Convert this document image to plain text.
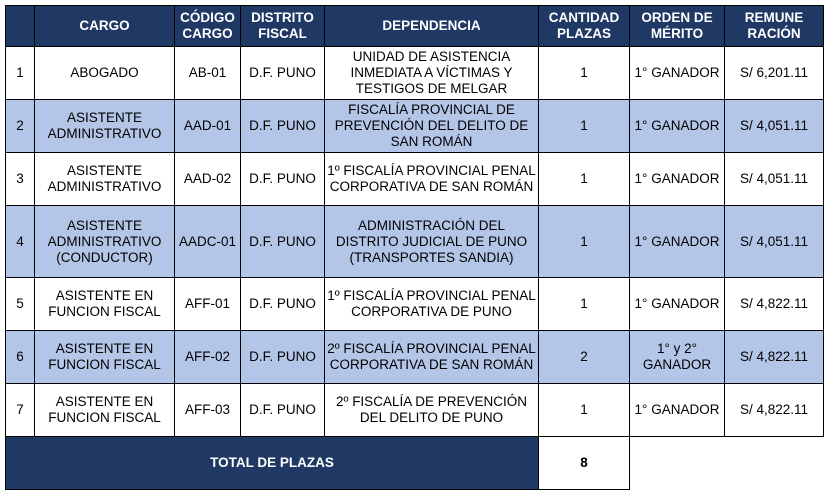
	CARGO	CÓDIGO CARGO	DISTRITO FISCAL	DEPENDENCIA	CANTIDAD PLAZAS	ORDEN DE MÉRITO	REMUNE RACIÓN
1	ABOGADO	AB-01	D.F. PUNO	UNIDAD DE ASISTENCIA INMEDIATA A VÍCTIMAS Y TESTIGOS DE MELGAR	1	1° GANADOR	S/ 6,201.11
2	ASISTENTE ADMINISTRATIVO	AAD-01	D.F. PUNO	FISCALÍA PROVINCIAL DE PREVENCIÓN DEL DELITO DE SAN ROMÁN	1	1° GANADOR	S/ 4,051.11
3	ASISTENTE ADMINISTRATIVO	AAD-02	D.F. PUNO	1º FISCALÍA PROVINCIAL PENAL CORPORATIVA DE SAN ROMÁN	1	1° GANADOR	S/ 4,051.11
4	ASISTENTE ADMINISTRATIVO (CONDUCTOR)	AADC-01	D.F. PUNO	ADMINISTRACIÓN DEL DISTRITO JUDICIAL DE PUNO (TRANSPORTES SANDIA)	1	1° GANADOR	S/ 4,051.11
5	ASISTENTE EN FUNCION FISCAL	AFF-01	D.F. PUNO	1º FISCALÍA PROVINCIAL PENAL CORPORATIVA DE PUNO	1	1° GANADOR	S/ 4,822.11
6	ASISTENTE EN FUNCION FISCAL	AFF-02	D.F. PUNO	2º FISCALÍA PROVINCIAL PENAL CORPORATIVA DE SAN ROMÁN	2	1° y 2° GANADOR	S/ 4,822.11
7	ASISTENTE EN FUNCION FISCAL	AFF-03	D.F. PUNO	2º FISCALÍA DE PREVENCIÓN DEL DELITO DE PUNO	1	1° GANADOR	S/ 4,822.11
TOTAL DE PLAZAS					8		
